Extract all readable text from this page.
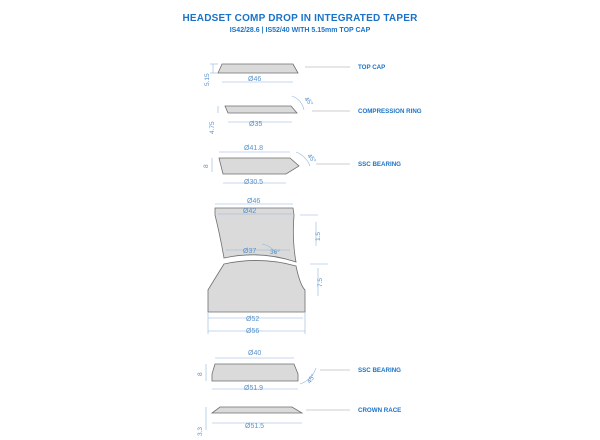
HEADSET COMP DROP IN INTEGRATED TAPER
IS42/28.6 | IS52/40 WITH 5.15mm TOP CAP
5.15	Ø46
TOP CAP
4.75	Ø35
45°
COMPRESSION RING
8
Ø41.8
Ø30.5
45°	SSC BEARING
Ø46
Ø42
Ø37 36°
1.5
7.5
Ø52
Ø56
8
Ø40
Ø51.9
45°
SSC BEARING
3.3
Ø51.5
CROWN RACE
